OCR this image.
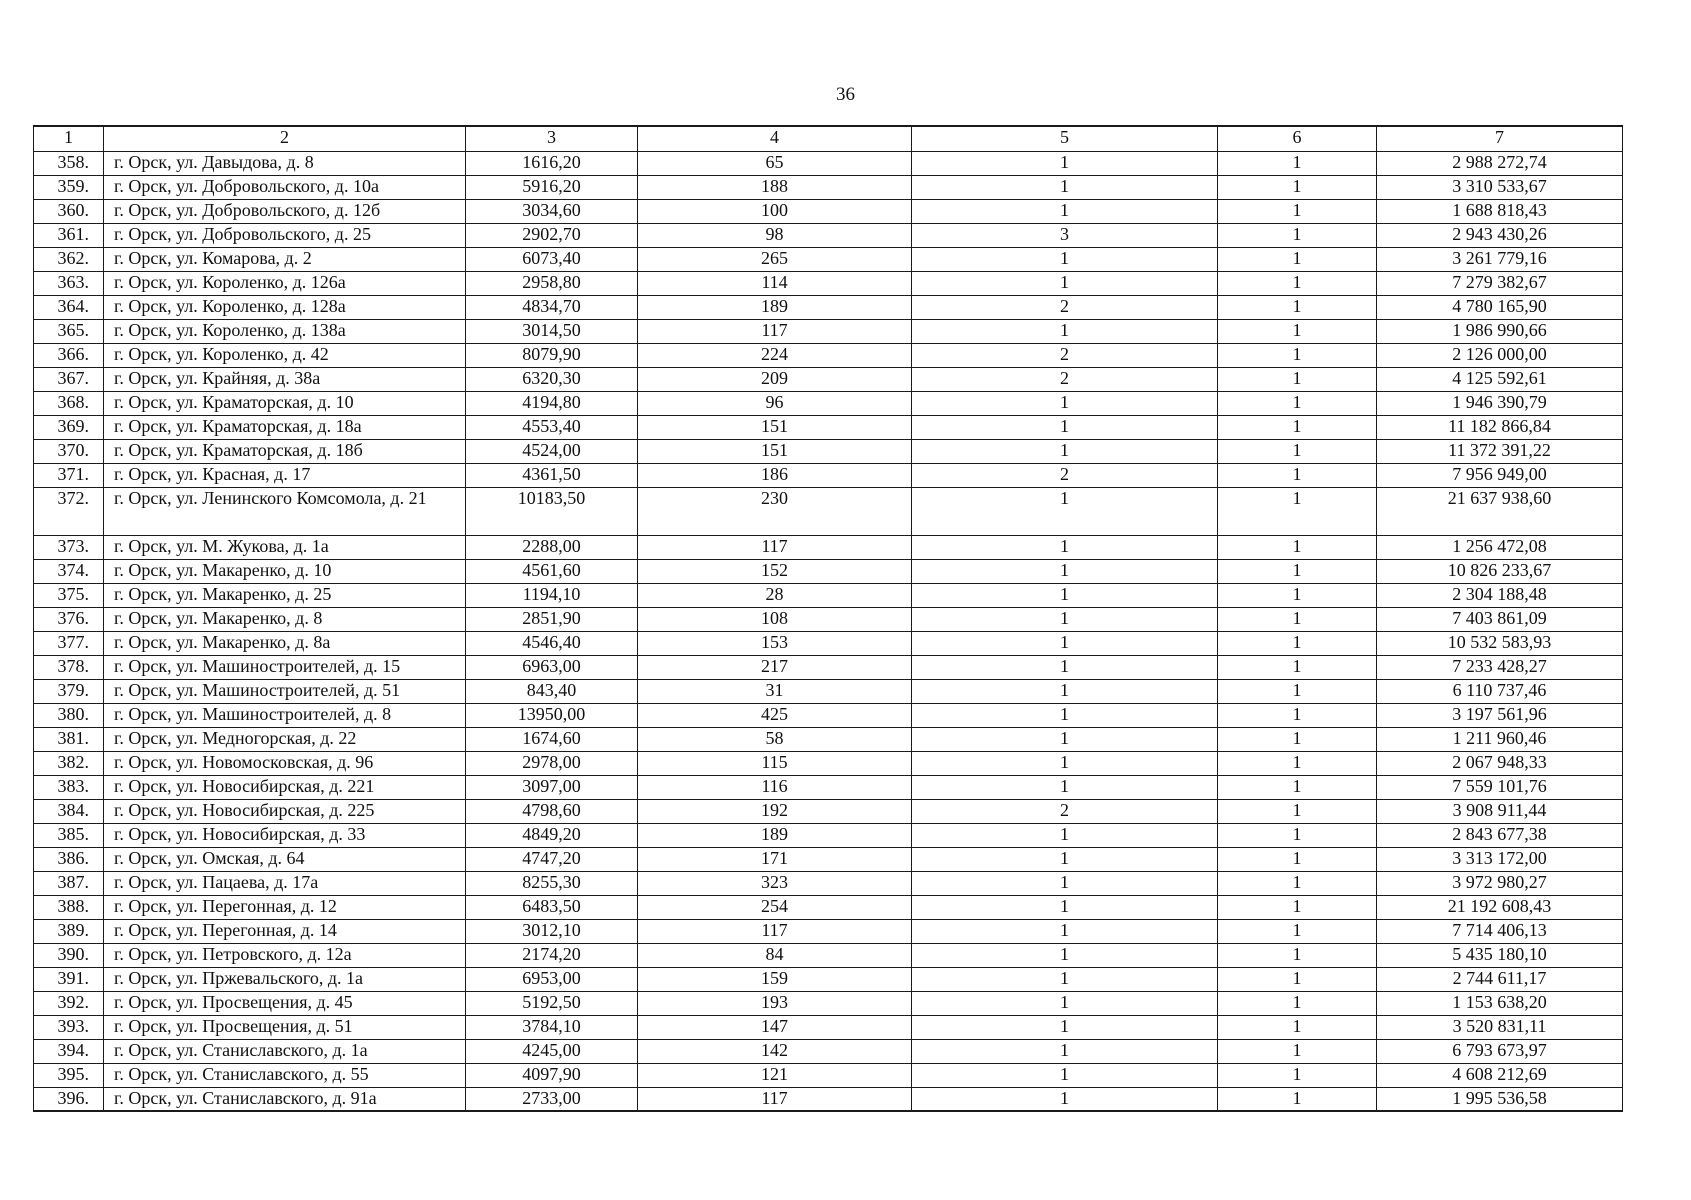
36
1	2	3	4	5	6	7
358.	г. Орск, ул. Давыдова, д. 8	1616,20	65	1	1	2 988 272,74
359.	г. Орск, ул. Добровольского, д. 10а	5916,20	188	1	1	3 310 533,67
360.	г. Орск, ул. Добровольского, д. 12б	3034,60	100	1	1	1 688 818,43
361.	г. Орск, ул. Добровольского, д. 25	2902,70	98	3	1	2 943 430,26
362.	г. Орск, ул. Комарова, д. 2	6073,40	265	1	1	3 261 779,16
363.	г. Орск, ул. Короленко, д. 126а	2958,80	114	1	1	7 279 382,67
364.	г. Орск, ул. Короленко, д. 128а	4834,70	189	2	1	4 780 165,90
365.	г. Орск, ул. Короленко, д. 138а	3014,50	117	1	1	1 986 990,66
366.	г. Орск, ул. Короленко, д. 42	8079,90	224	2	1	2 126 000,00
367.	г. Орск, ул. Крайняя, д. 38а	6320,30	209	2	1	4 125 592,61
368.	г. Орск, ул. Краматорская, д. 10	4194,80	96	1	1	1 946 390,79
369.	г. Орск, ул. Краматорская, д. 18а	4553,40	151	1	1	11 182 866,84
370.	г. Орск, ул. Краматорская, д. 18б	4524,00	151	1	1	11 372 391,22
371.	г. Орск, ул. Красная, д. 17	4361,50	186	2	1	7 956 949,00
372.	г. Орск, ул. Ленинского Комсомола, д. 21	10183,50	230	1	1	21 637 938,60
373.	г. Орск, ул. М. Жукова, д. 1а	2288,00	117	1	1	1 256 472,08
374.	г. Орск, ул. Макаренко, д. 10	4561,60	152	1	1	10 826 233,67
375.	г. Орск, ул. Макаренко, д. 25	1194,10	28	1	1	2 304 188,48
376.	г. Орск, ул. Макаренко, д. 8	2851,90	108	1	1	7 403 861,09
377.	г. Орск, ул. Макаренко, д. 8а	4546,40	153	1	1	10 532 583,93
378.	г. Орск, ул. Машиностроителей, д. 15	6963,00	217	1	1	7 233 428,27
379.	г. Орск, ул. Машиностроителей, д. 51	843,40	31	1	1	6 110 737,46
380.	г. Орск, ул. Машиностроителей, д. 8	13950,00	425	1	1	3 197 561,96
381.	г. Орск, ул. Медногорская, д. 22	1674,60	58	1	1	1 211 960,46
382.	г. Орск, ул. Новомосковская, д. 96	2978,00	115	1	1	2 067 948,33
383.	г. Орск, ул. Новосибирская, д. 221	3097,00	116	1	1	7 559 101,76
384.	г. Орск, ул. Новосибирская, д. 225	4798,60	192	2	1	3 908 911,44
385.	г. Орск, ул. Новосибирская, д. 33	4849,20	189	1	1	2 843 677,38
386.	г. Орск, ул. Омская, д. 64	4747,20	171	1	1	3 313 172,00
387.	г. Орск, ул. Пацаева, д. 17а	8255,30	323	1	1	3 972 980,27
388.	г. Орск, ул. Перегонная, д. 12	6483,50	254	1	1	21 192 608,43
389.	г. Орск, ул. Перегонная, д. 14	3012,10	117	1	1	7 714 406,13
390.	г. Орск, ул. Петровского, д. 12а	2174,20	84	1	1	5 435 180,10
391.	г. Орск, ул. Пржевальского, д. 1а	6953,00	159	1	1	2 744 611,17
392.	г. Орск, ул. Просвещения, д. 45	5192,50	193	1	1	1 153 638,20
393.	г. Орск, ул. Просвещения, д. 51	3784,10	147	1	1	3 520 831,11
394.	г. Орск, ул. Станиславского, д. 1а	4245,00	142	1	1	6 793 673,97
395.	г. Орск, ул. Станиславского, д. 55	4097,90	121	1	1	4 608 212,69
396.	г. Орск, ул. Станиславского, д. 91а	2733,00	117	1	1	1 995 536,58
